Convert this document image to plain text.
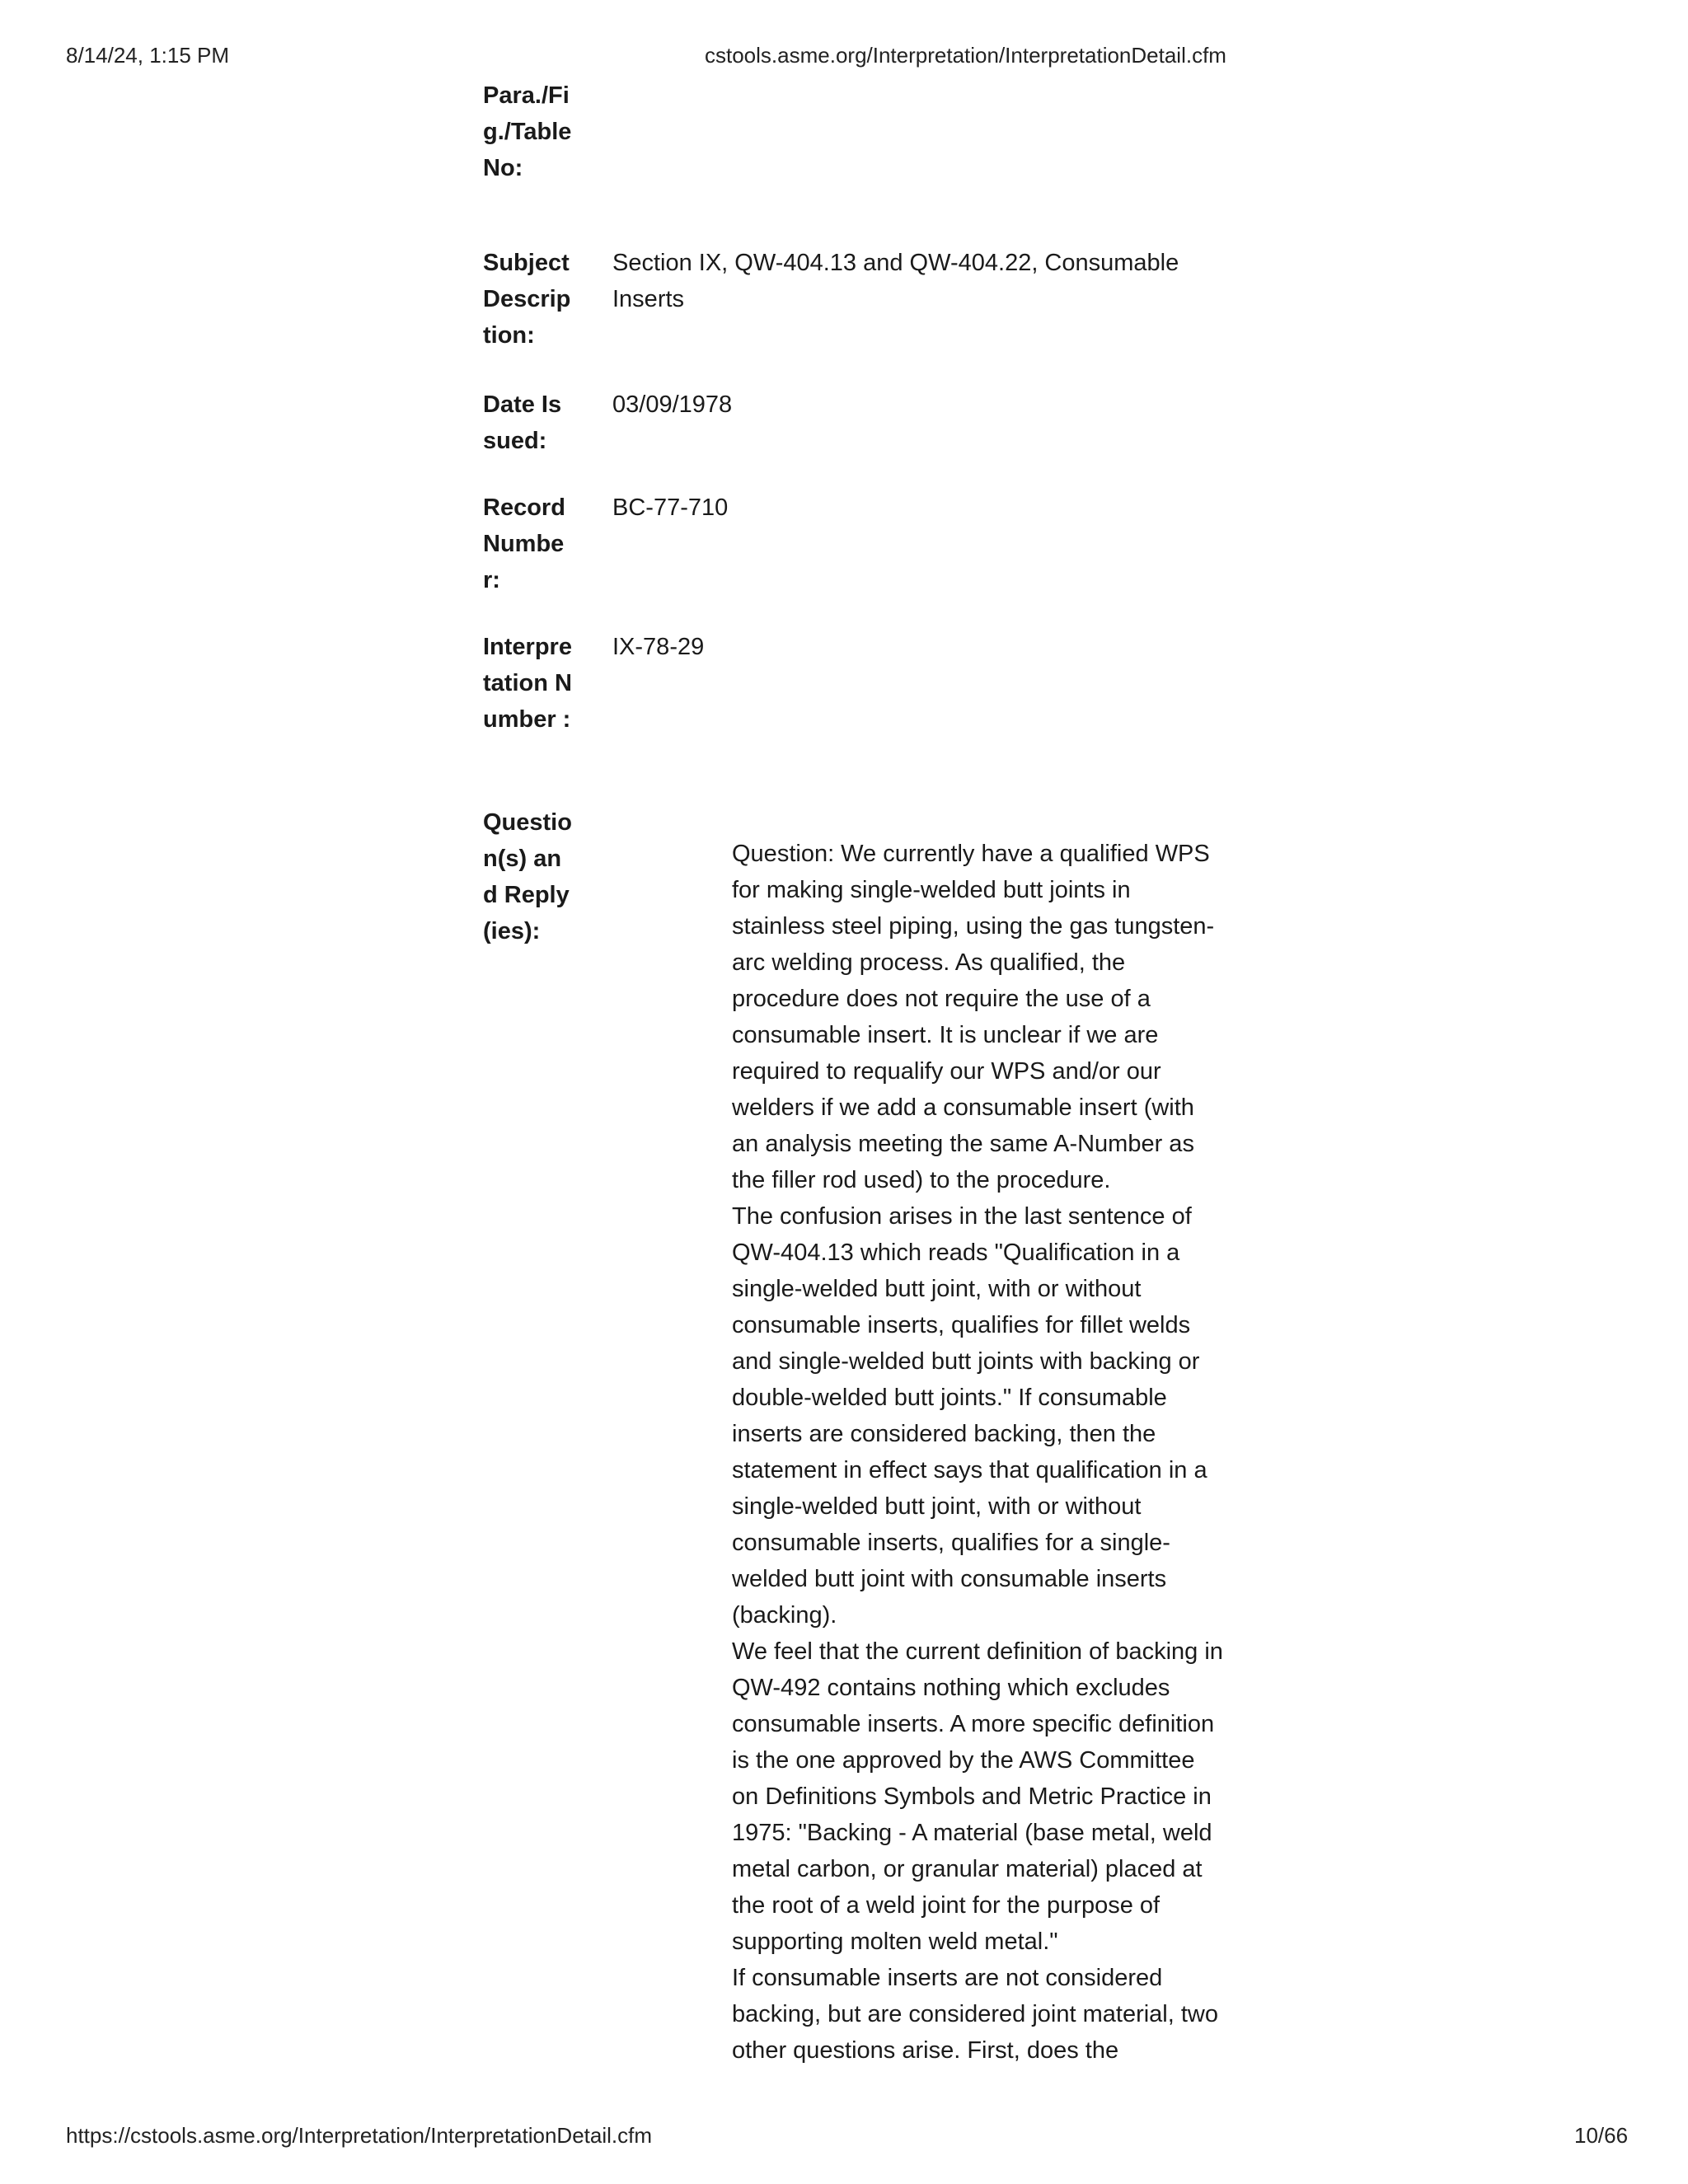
8/14/24, 1:15 PM	cstools.asme.org/Interpretation/InterpretationDetail.cfm
Para./Fig./Table No:
Subject Description:
Section IX, QW-404.13 and QW-404.22, Consumable Inserts
Date Issued:
03/09/1978
Record Number:
BC-77-710
Interpretation Number :
IX-78-29
Question(s) and Reply(ies):

Question: We currently have a qualified WPS for making single-welded butt joints in stainless steel piping, using the gas tungsten-arc welding process. As qualified, the procedure does not require the use of a consumable insert. It is unclear if we are required to requalify our WPS and/or our welders if we add a consumable insert (with an analysis meeting the same A-Number as the filler rod used) to the procedure.

The confusion arises in the last sentence of QW-404.13 which reads "Qualification in a single-welded butt joint, with or without consumable inserts, qualifies for fillet welds and single-welded butt joints with backing or double-welded butt joints." If consumable inserts are considered backing, then the statement in effect says that qualification in a single-welded butt joint, with or without consumable inserts, qualifies for a single-welded butt joint with consumable inserts (backing).

We feel that the current definition of backing in QW-492 contains nothing which excludes consumable inserts. A more specific definition is the one approved by the AWS Committee on Definitions Symbols and Metric Practice in 1975: "Backing - A material (base metal, weld metal carbon, or granular material) placed at the root of a weld joint for the purpose of supporting molten weld metal."

If consumable inserts are not considered backing, but are considered joint material, two other questions arise. First, does the

https://cstools.asme.org/Interpretation/InterpretationDetail.cfm	10/66
